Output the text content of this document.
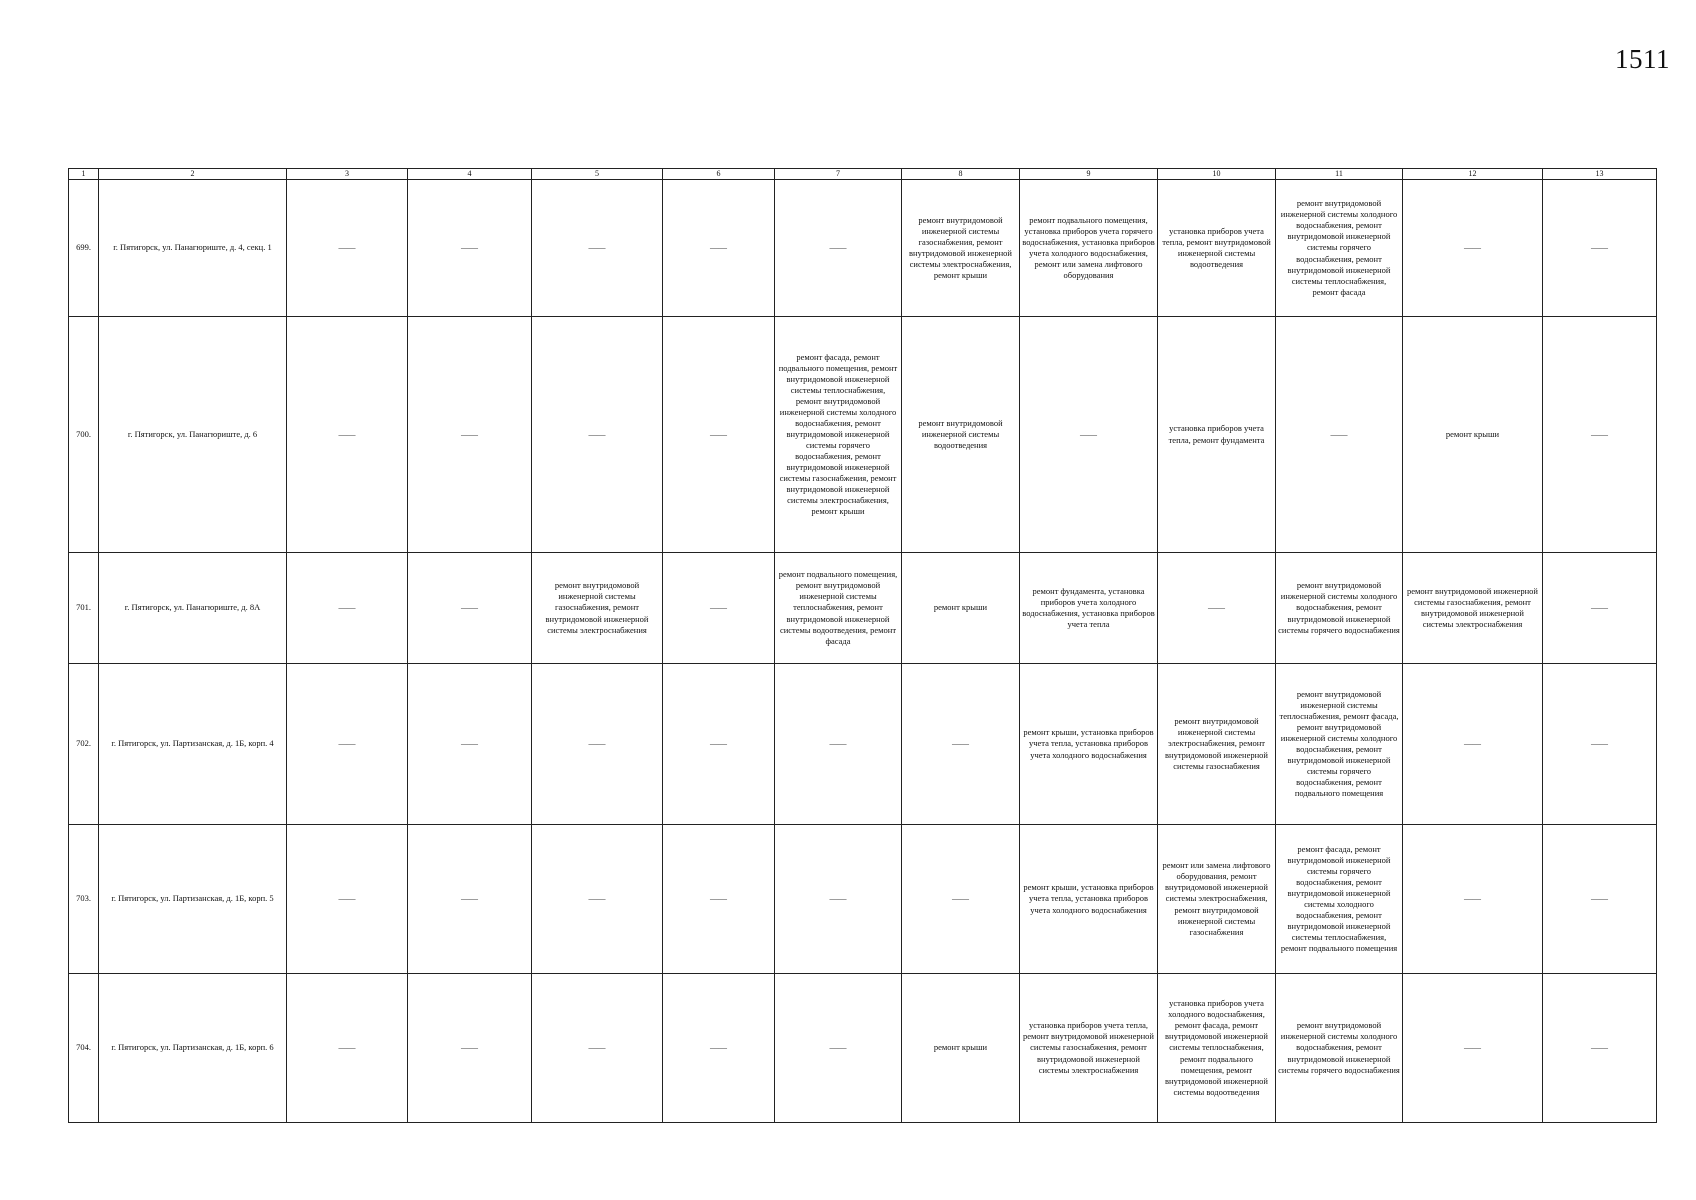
1511
1	2	3	4	5	6	7	8	9	10	11	12	13
699.	г. Пятигорск, ул. Панагюриште, д. 4, секц. 1	——	——	——	——	——	ремонт внутридомовой инженерной системы газоснабжения, ремонт внутридомовой инженерной системы электроснабжения, ремонт крыши	ремонт подвального помещения, установка приборов учета горячего водоснабжения, установка приборов учета холодного водоснабжения, ремонт или замена лифтового оборудования	установка приборов учета тепла, ремонт внутридомовой инженерной системы водоотведения	ремонт внутридомовой инженерной системы холодного водоснабжения, ремонт внутридомовой инженерной системы горячего водоснабжения, ремонт внутридомовой инженерной системы теплоснабжения, ремонт фасада	——	——
700.	г. Пятигорск, ул. Панагюриште, д. 6	——	——	——	——	ремонт фасада, ремонт подвального помещения, ремонт внутридомовой инженерной системы теплоснабжения, ремонт внутридомовой инженерной системы холодного водоснабжения, ремонт внутридомовой инженерной системы горячего водоснабжения, ремонт внутридомовой инженерной системы газоснабжения, ремонт внутридомовой инженерной системы электроснабжения, ремонт крыши	ремонт внутридомовой инженерной системы водоотведения	——	установка приборов учета тепла, ремонт фундамента	——	ремонт крыши	——
701.	г. Пятигорск, ул. Панагюриште, д. 8А	——	——	ремонт внутридомовой инженерной системы газоснабжения, ремонт внутридомовой инженерной системы электроснабжения	——	ремонт подвального помещения, ремонт внутридомовой инженерной системы теплоснабжения, ремонт внутридомовой инженерной системы водоотведения, ремонт фасада	ремонт крыши	ремонт фундамента, установка приборов учета холодного водоснабжения, установка приборов учета тепла	——	ремонт внутридомовой инженерной системы холодного водоснабжения, ремонт внутридомовой инженерной системы горячего водоснабжения	ремонт внутридомовой инженерной системы газоснабжения, ремонт внутридомовой инженерной системы электроснабжения	——
702.	г. Пятигорск, ул. Партизанская, д. 1Б, корп. 4	——	——	——	——	——	——	ремонт крыши, установка приборов учета тепла, установка приборов учета холодного водоснабжения	ремонт внутридомовой инженерной системы электроснабжения, ремонт внутридомовой инженерной системы газоснабжения	ремонт внутридомовой инженерной системы теплоснабжения, ремонт фасада, ремонт внутридомовой инженерной системы холодного водоснабжения, ремонт внутридомовой инженерной системы горячего водоснабжения, ремонт подвального помещения	——	——
703.	г. Пятигорск, ул. Партизанская, д. 1Б, корп. 5	——	——	——	——	——	——	ремонт крыши, установка приборов учета тепла, установка приборов учета холодного водоснабжения	ремонт или замена лифтового оборудования, ремонт внутридомовой инженерной системы электроснабжения, ремонт внутридомовой инженерной системы газоснабжения	ремонт фасада, ремонт внутридомовой инженерной системы горячего водоснабжения, ремонт внутридомовой инженерной системы холодного водоснабжения, ремонт внутридомовой инженерной системы теплоснабжения, ремонт подвального помещения	——	——
704.	г. Пятигорск, ул. Партизанская, д. 1Б, корп. 6	——	——	——	——	——	ремонт крыши	установка приборов учета тепла, ремонт внутридомовой инженерной системы газоснабжения, ремонт внутридомовой инженерной системы электроснабжения	установка приборов учета холодного водоснабжения, ремонт фасада, ремонт внутридомовой инженерной системы теплоснабжения, ремонт подвального помещения, ремонт внутридомовой инженерной системы водоотведения	ремонт внутридомовой инженерной системы холодного водоснабжения, ремонт внутридомовой инженерной системы горячего водоснабжения	——	——
